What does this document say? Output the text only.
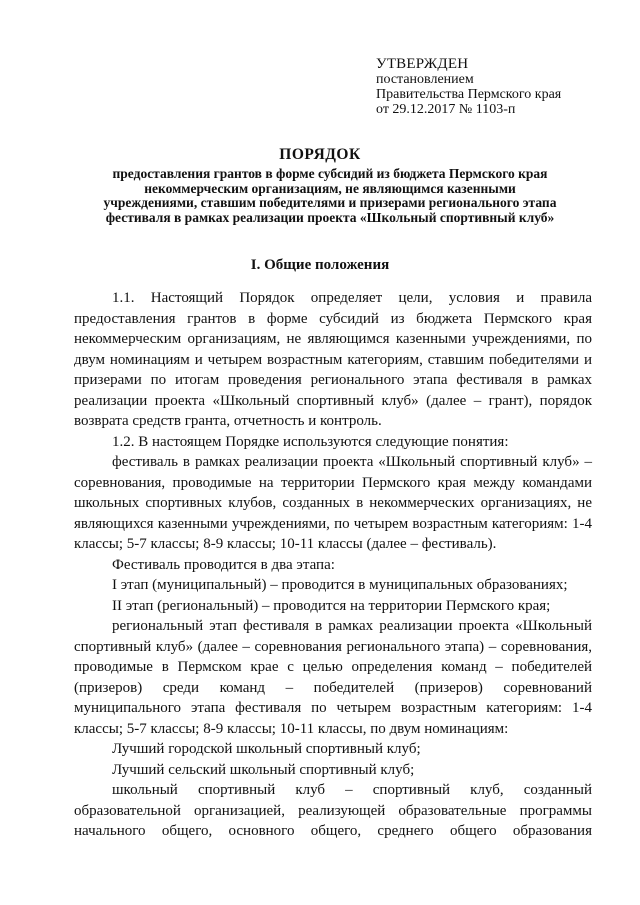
УТВЕРЖДЕН
постановлением
Правительства Пермского края
от 29.12.2017 № 1103-п
ПОРЯДОК
предоставления грантов в форме субсидий из бюджета Пермского края
некоммерческим организациям, не являющимся казенными
учреждениями, ставшим победителями и призерами регионального этапа
фестиваля в рамках реализации проекта «Школьный спортивный клуб»
I. Общие положения

1.1. Настоящий Порядок определяет цели, условия и правила предоставления грантов в форме субсидий из бюджета Пермского края некоммерческим организациям, не являющимся казенными учреждениями, по двум номинациям и четырем возрастным категориям, ставшим победителями и призерами по итогам проведения регионального этапа фестиваля в рамках реализации проекта «Школьный спортивный клуб» (далее – грант), порядок возврата средств гранта, отчетность и контроль.

1.2. В настоящем Порядке используются следующие понятия:

фестиваль в рамках реализации проекта «Школьный спортивный клуб» – соревнования, проводимые на территории Пермского края между командами школьных спортивных клубов, созданных в некоммерческих организациях, не являющихся казенными учреждениями, по четырем возрастным категориям: 1-4 классы; 5-7 классы; 8-9 классы; 10-11 классы (далее – фестиваль).

Фестиваль проводится в два этапа:

I этап (муниципальный) – проводится в муниципальных образованиях;

II этап (региональный) – проводится на территории Пермского края;

региональный этап фестиваля в рамках реализации проекта «Школьный спортивный клуб» (далее – соревнования регионального этапа) – соревнования, проводимые в Пермском крае с целью определения команд – победителей (призеров) среди команд – победителей (призеров) соревнований муниципального этапа фестиваля по четырем возрастным категориям: 1-4 классы; 5-7 классы; 8-9 классы; 10-11 классы, по двум номинациям:

Лучший городской школьный спортивный клуб;

Лучший сельский школьный спортивный клуб;

школьный спортивный клуб – спортивный клуб, созданный образовательной организацией, реализующей образовательные программы начального общего, основного общего, среднего общего образования
